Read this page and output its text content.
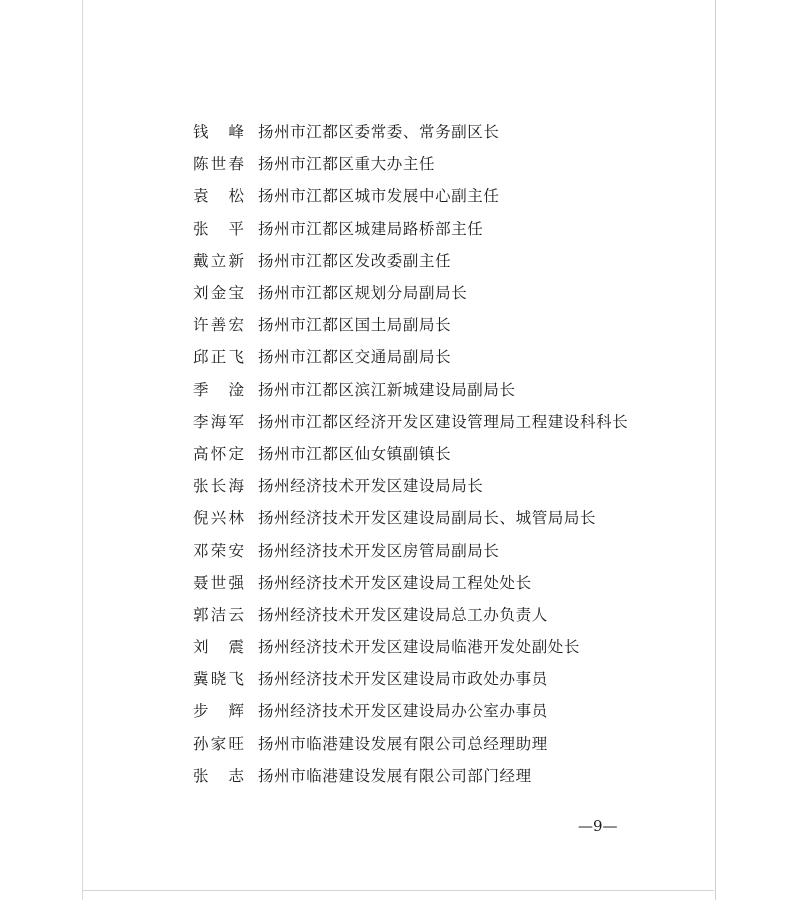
钱　峰 扬州市江都区委常委、常务副区长
陈世春 扬州市江都区重大办主任
袁　松 扬州市江都区城市发展中心副主任
张　平 扬州市江都区城建局路桥部主任
戴立新 扬州市江都区发改委副主任
刘金宝 扬州市江都区规划分局副局长
许善宏 扬州市江都区国土局副局长
邱正飞 扬州市江都区交通局副局长
季　淦 扬州市江都区滨江新城建设局副局长
李海军 扬州市江都区经济开发区建设管理局工程建设科科长
高怀定 扬州市江都区仙女镇副镇长
张长海 扬州经济技术开发区建设局局长
倪兴林 扬州经济技术开发区建设局副局长、城管局局长
邓荣安 扬州经济技术开发区房管局副局长
聂世强 扬州经济技术开发区建设局工程处处长
郭洁云 扬州经济技术开发区建设局总工办负责人
刘　震 扬州经济技术开发区建设局临港开发处副处长
冀晓飞 扬州经济技术开发区建设局市政处办事员
步　辉 扬州经济技术开发区建设局办公室办事员
孙家旺 扬州市临港建设发展有限公司总经理助理
张　志 扬州市临港建设发展有限公司部门经理
—9—
